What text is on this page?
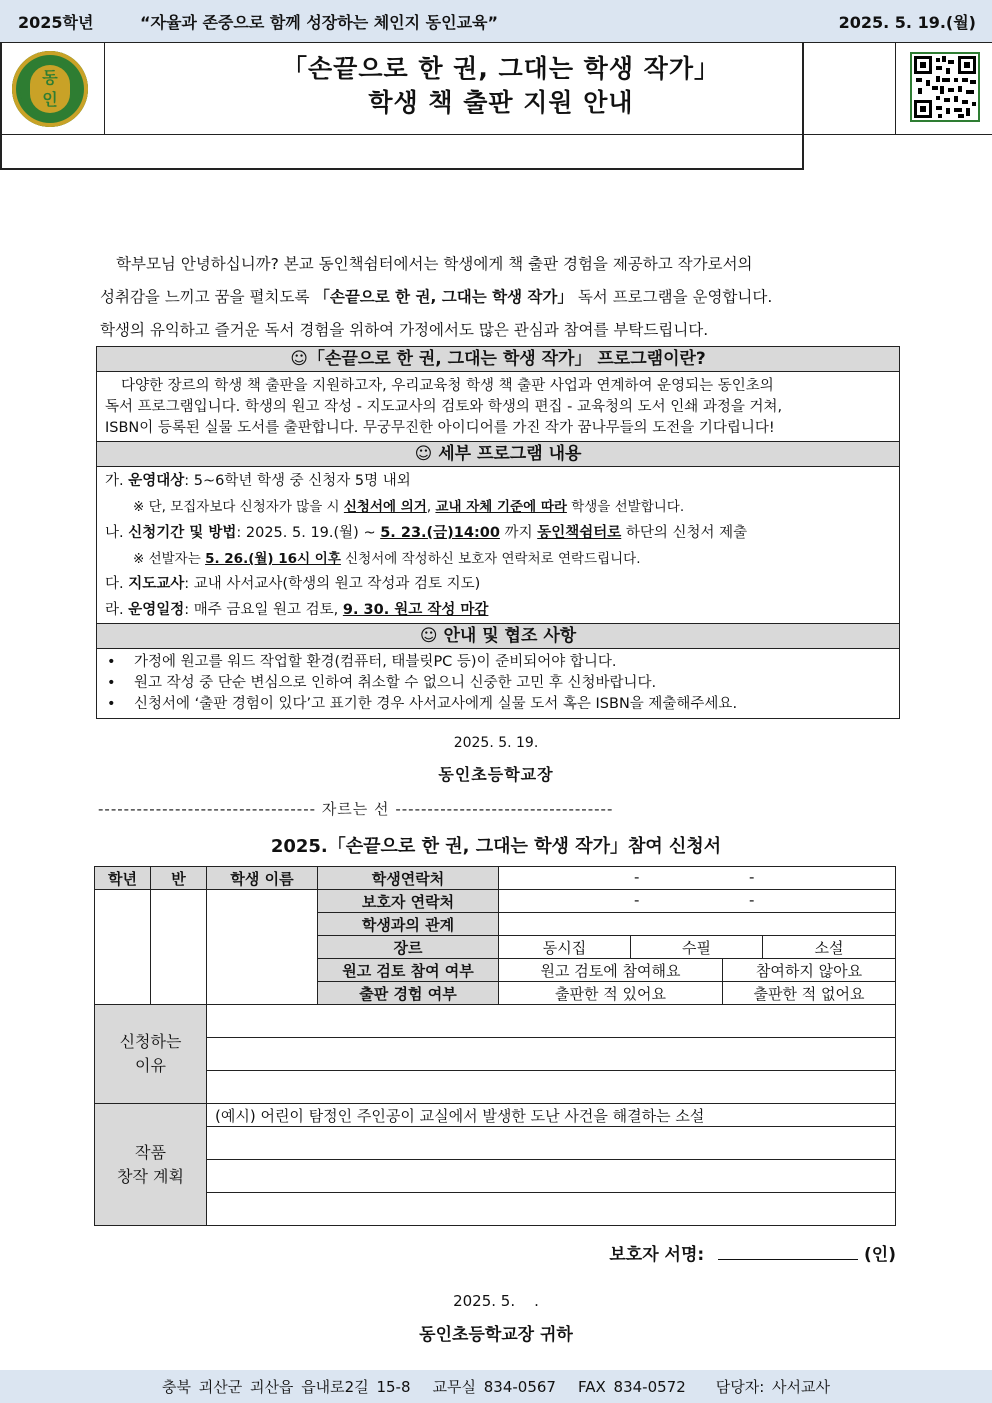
2025학년	“자율과 존중으로 함께 성장하는 체인지 동인교육”	2025. 5. 19.(월)
동
인
「손끝으로 한 권, 그대는 학생 작가」
학생 책 출판 지원 안내
충북 괴산군 괴산읍 읍내로2길 15-8 교무실 834-0567 FAX 834-0572 담당자: 사서교사

학부모님 안녕하십니까? 본교 동인책쉼터에서는 학생에게 책 출판 경험을 제공하고 작가로서의

성취감을 느끼고 꿈을 펼치도록 「손끝으로 한 권, 그대는 학생 작가」 독서 프로그램을 운영합니다.

학생의 유익하고 즐거운 독서 경험을 위하여 가정에서도 많은 관심과 참여를 부탁드립니다.

☺「손끝으로 한 권, 그대는 학생 작가」 프로그램이란?
다양한 장르의 학생 책 출판을 지원하고자, 우리교육청 학생 책 출판 사업과 연계하여 운영되는 동인초의
독서 프로그램입니다. 학생의 원고 작성 - 지도교사의 검토와 학생의 편집 - 교육청의 도서 인쇄 과정을 거쳐,
ISBN이 등록된 실물 도서를 출판합니다. 무궁무진한 아이디어를 가진 작가 꿈나무들의 도전을 기다립니다!
☺ 세부 프로그램 내용
가. 운영대상: 5~6학년 학생 중 신청자 5명 내외
※ 단, 모집자보다 신청자가 많을 시 신청서에 의거, 교내 자체 기준에 따라 학생을 선발합니다.
나. 신청기간 및 방법: 2025. 5. 19.(월) ~ 5. 23.(금)14:00 까지 동인책쉼터로 하단의 신청서 제출
※ 선발자는 5. 26.(월) 16시 이후 신청서에 작성하신 보호자 연락처로 연락드립니다.
다. 지도교사: 교내 사서교사(학생의 원고 작성과 검토 지도)
라. 운영일정: 매주 금요일 원고 검토, 9. 30. 원고 작성 마감
☺ 안내 및 협조 사항
•    가정에 원고를 워드 작업할 환경(컴퓨터, 태블릿PC 등)이 준비되어야 합니다.
•    원고 작성 중 단순 변심으로 인하여 취소할 수 없으니 신중한 고민 후 신청바랍니다.
•    신청서에 ‘출판 경험이 있다’고 표기한 경우 사서교사에게 실물 도서 혹은 ISBN을 제출해주세요.
2025. 5. 19.
동인초등학교장
---------------------------------- 자르는 선 ----------------------------------
2025.「손끝으로 한 권, 그대는 학생 작가」참여 신청서
학년	반	학생 이름	학생연락처	- -			

			보호자 연락처	- -			

			학생과의 관계				
			장르	동시집	수필		소설
			원고 검토 참여 여부	원고 검토에 참여해요		참여하지 않아요	
			출판 경험 여부	출판한 적 있어요		출판한 적 없어요	

신청하는
이유							

작품
창작 계획		(예시) 어린이 탐정인 주인공이 교실에서 발생한 도난 사건을 해결하는 소설					

보호자 서명:	(인)
2025. 5.    .
동인초등학교장 귀하
